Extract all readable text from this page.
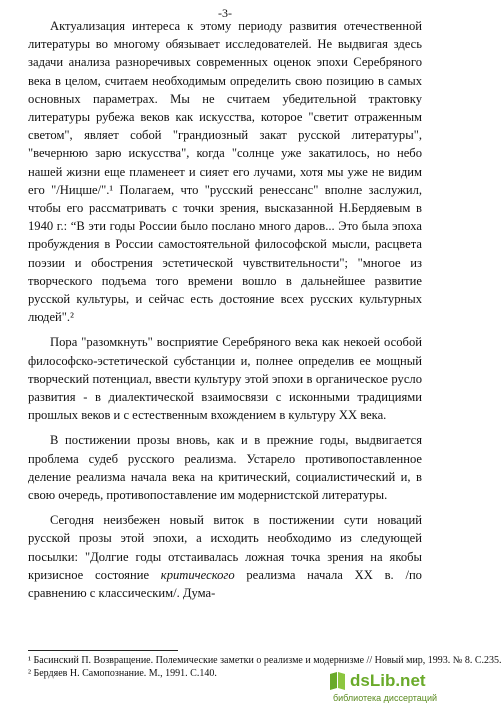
-3-

Актуализация интереса к этому периоду развития отечественной литературы во многому обязывает исследователей. Не выдвигая здесь задачи анализа разноречивых современных оценок эпохи Серебряного века в целом, считаем необходимым определить свою позицию в самых основных параметрах. Мы не считаем убедительной трактовку литературы рубежа веков как искусства, которое "светит отраженным светом", являет собой "грандиозный закат русской литературы", "вечернюю зарю искусства", когда "солнце уже закатилось, но небо нашей жизни еще пламенеет и сияет его лучами, хотя мы уже не видим его "/Ницше/".¹ Полагаем, что "русский ренессанс" вполне заслужил, чтобы его рассматривать с точки зрения, высказанной Н.Бердяевым в 1940 г.: “В эти годы России было послано много даров... Это была эпоха пробуждения в России самостоятельной философской мысли, расцвета поэзии и обострения эстетической чувствительности"; "многое из творческого подъема того времени вошло в дальнейшее развитие русской культуры, и сейчас есть достояние всех русских культурных людей".²

Пора "разомкнуть" восприятие Серебряного века как некоей особой философско-эстетической субстанции и, полнее определив ее мощный творческий потенциал, ввести культуру этой эпохи в органическое русло развития - в диалектической взаимосвязи с исконными традициями прошлых веков и с естественным вхождением в культуру XX века.

В постижении прозы вновь, как и в прежние годы, выдвигается проблема судеб русского реализма. Устарело противопоставленное деление реализма начала века на критический, социалистический и, в свою очередь, противопоставление им модернистской литературы.

Сегодня неизбежен новый виток в постижении сути новаций русской прозы этой эпохи, а исходить необходимо из следующей посылки: "Долгие годы отстаивалась ложная точка зрения на якобы кризисное состояние критического реализма начала XX в. /по сравнению с классическим/. Дума-

¹ Басинский П. Возвращение. Полемические заметки о реализме и модернизме // Новый мир, 1993. № 8. С.235.

² Бердяев Н. Самопознание. М., 1991. С.140.	dsLib.net
библиотека диссертаций
